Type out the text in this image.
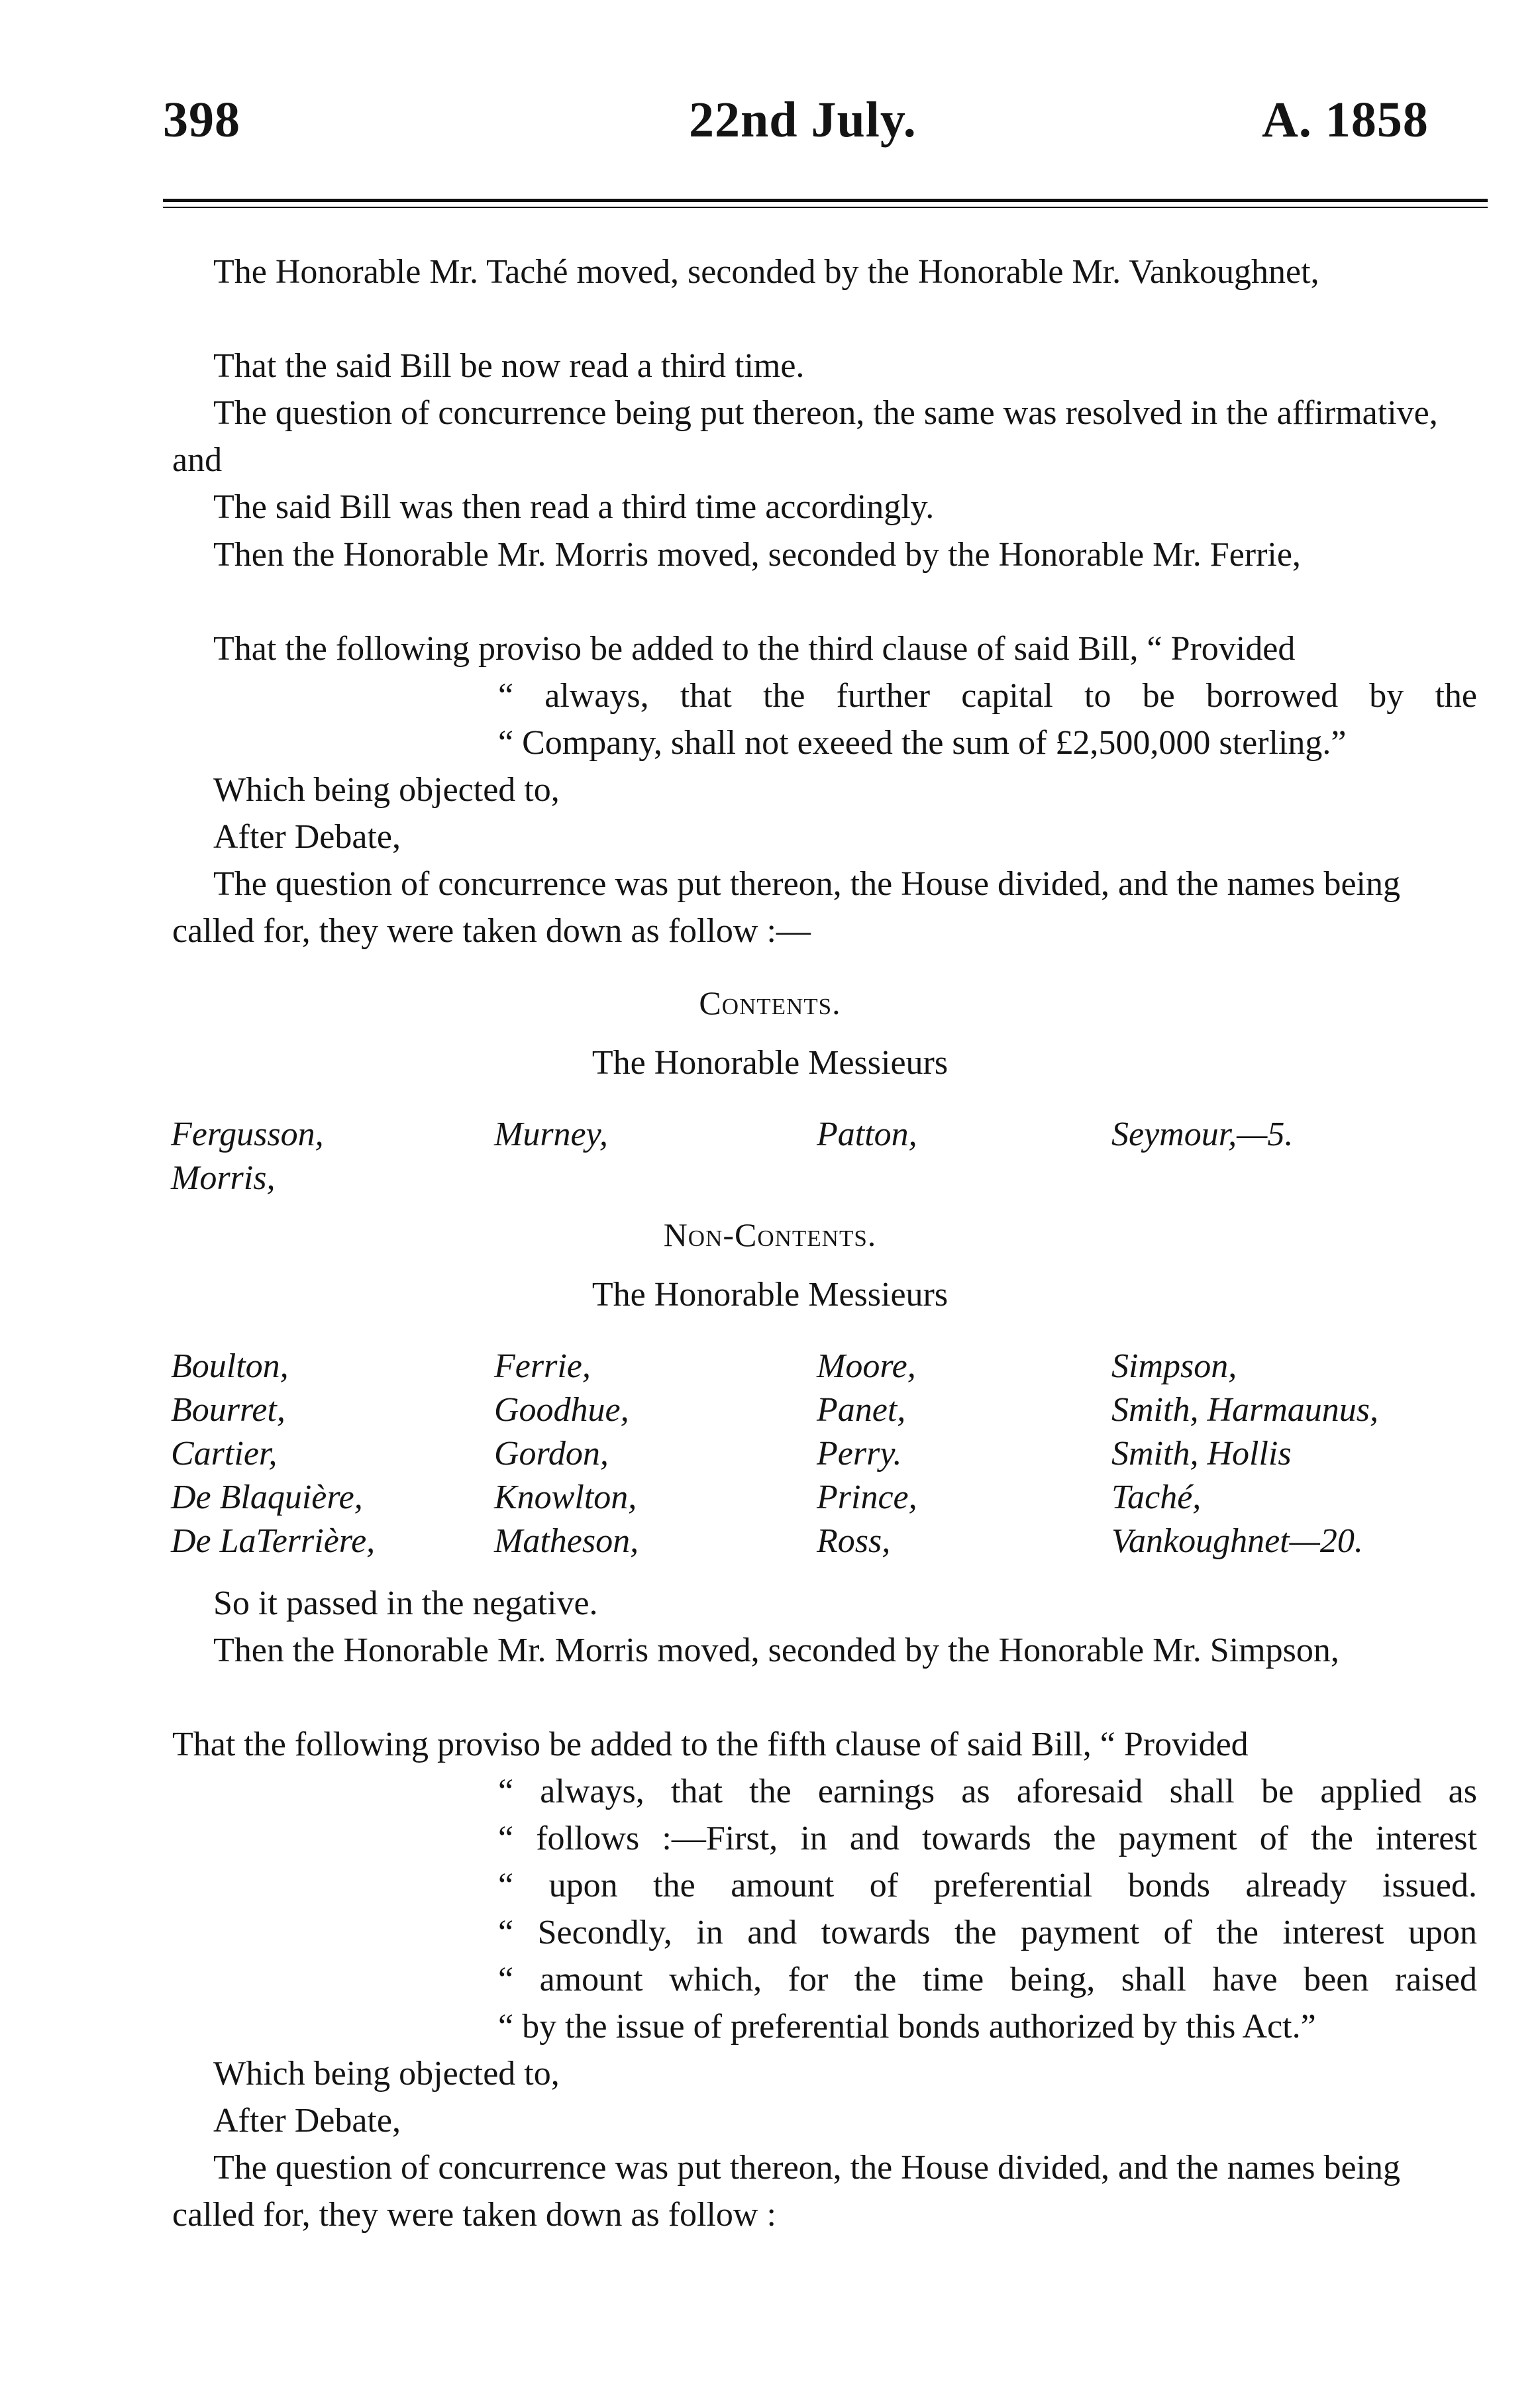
398	22nd July.	A. 1858
The Honorable Mr. Taché moved, seconded by the Honorable Mr. Vankoughnet,
That the said Bill be now read a third time.
The question of concurrence being put thereon, the same was resolved in the affirmative, and
The said Bill was then read a third time accordingly.
Then the Honorable Mr. Morris moved, seconded by the Honorable Mr. Ferrie,
That the following proviso be added to the third clause of said Bill, “ Provided
“ always, that the further capital to be borrowed by the
“ Company, shall not exeeed the sum of £2,500,000 sterling.”
Which being objected to,
After Debate,
The question of concurrence was put thereon, the House divided, and the names being called for, they were taken down as follow :—
Contents.
The Honorable Messieurs
Fergusson,	Murney,	Patton,	Seymour,—5.
Morris,
Non-Contents.
The Honorable Messieurs
Boulton,	Ferrie,	Moore,	Simpson,
Bourret,	Goodhue,	Panet,	Smith, Harmaunus,
Cartier,	Gordon,	Perry.	Smith, Hollis
De Blaquière,	Knowlton,	Prince,	Taché,
De LaTerrière,	Matheson,	Ross,	Vankoughnet—20.
So it passed in the negative.
Then the Honorable Mr. Morris moved, seconded by the Honorable Mr. Simpson,
That the following proviso be added to the fifth clause of said Bill, “ Provided
“ always, that the earnings as aforesaid shall be applied as
“ follows :—First, in and towards the payment of the interest
“ upon the amount of preferential bonds already issued.
“ Secondly, in and towards the payment of the interest upon
“ amount which, for the time being, shall have been raised
“ by the issue of preferential bonds authorized by this Act.”
Which being objected to,
After Debate,
The question of concurrence was put thereon, the House divided, and the names being called for, they were taken down as follow :
